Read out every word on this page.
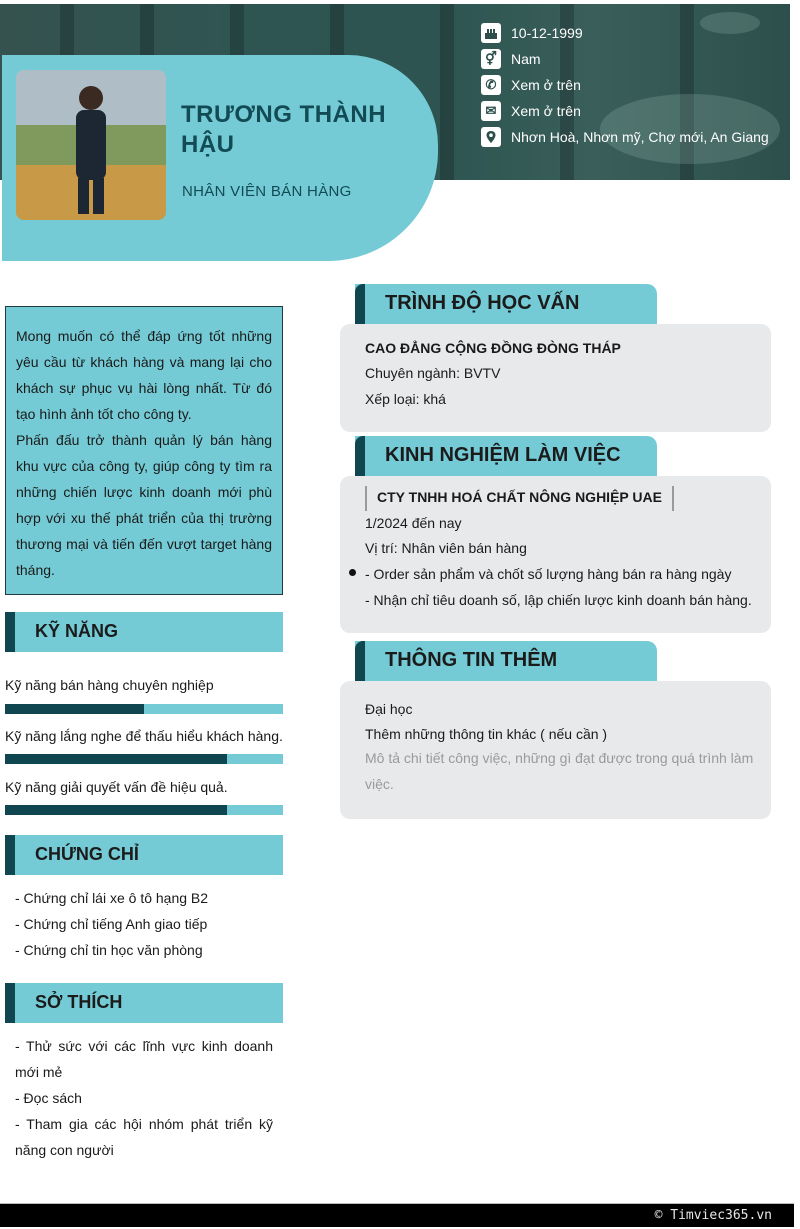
TRƯƠNG THÀNH HẬU
NHÂN VIÊN BÁN HÀNG
10-12-1999
⚥ Nam
✆	Xem ở trên
✉	Xem ở trên
Nhơn Hoà, Nhơn mỹ, Chợ mới, An Giang

Mong muốn có thể đáp ứng tốt những yêu cầu từ khách hàng và mang lại cho khách sự phục vụ hài lòng nhất. Từ đó tạo hình ảnh tốt cho công ty.

Phấn đấu trở thành quản lý bán hàng khu vực của công ty, giúp công ty tìm ra những chiến lược kinh doanh mới phù hợp với xu thế phát triển của thị trường thương mại và tiến đến vượt target hàng tháng.

KỸ NĂNG
Kỹ năng bán hàng chuyên nghiệp
Kỹ năng lắng nghe để thấu hiểu khách hàng.
Kỹ năng giải quyết vấn đề hiệu quả.
CHỨNG CHỈ
- Chứng chỉ lái xe ô tô hạng B2
- Chứng chỉ tiếng Anh giao tiếp
- Chứng chỉ tin học văn phòng
SỞ THÍCH
- Thử sức với các lĩnh vực kinh doanh mới mẻ
- Đọc sách
- Tham gia các hội nhóm phát triển kỹ năng con người
TRÌNH ĐỘ HỌC VẤN
CAO ĐẲNG CỘNG ĐỒNG ĐÒNG THÁP
Chuyên ngành: BVTV
Xếp loại: khá
KINH NGHIỆM LÀM VIỆC
CTY TNHH HOÁ CHẤT NÔNG NGHIỆP UAE
1/2024 đến nay
Vị trí: Nhân viên bán hàng
- Order sản phẩm và chốt số lượng hàng bán ra hàng ngày
- Nhận chỉ tiêu doanh số, lập chiến lược kinh doanh bán hàng.
THÔNG TIN THÊM
Đại học
Thêm những thông tin khác ( nếu cần )
Mô tả chi tiết công việc, những gì đạt được trong quá trình làm việc.
© Timviec365.vn
